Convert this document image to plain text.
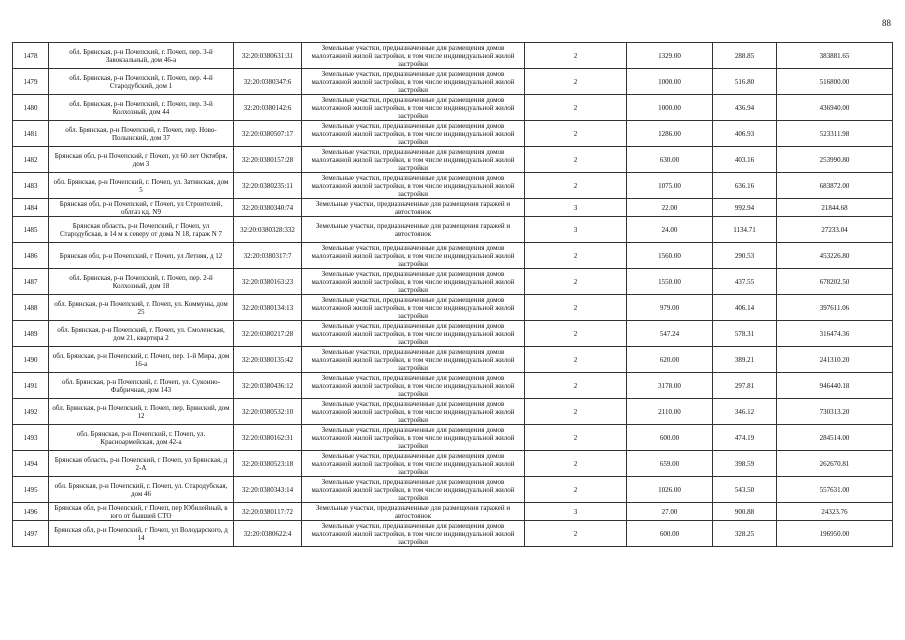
88
1478	обл. Брянская, р-н Почепский, г. Почеп, пер. 3-й Завокзальный, дом 46-а	32:20:0380631:31	Земельные участки, предназначенные для размещения домов малоэтажной жилой застройки, в том числе индивидуальной жилой застройки	2	1329.00	288.85	383881.65
1479	обл. Брянская, р-н Почепский, г. Почеп, пер. 4-й Стародубский, дом 1	32:20:0380347:6	Земельные участки, предназначенные для размещения домов малоэтажной жилой застройки, в том числе индивидуальной жилой застройки	2	1000.00	516.80	516800.00
1480	обл. Брянская, р-н Почепский, г. Почеп, пер. 3-й Колхозный, дом 44	32:20:0380142:6	Земельные участки, предназначенные для размещения домов малоэтажной жилой застройки, в том числе индивидуальной жилой застройки	2	1000.00	436.94	436940.00
1481	обл. Брянская, р-н Почепский, г. Почеп, пер. Ново-Полынский, дом 37	32:20:0380507:17	Земельные участки, предназначенные для размещения домов малоэтажной жилой застройки, в том числе индивидуальной жилой застройки	2	1286.00	406.93	523311.98
1482	Брянская обл, р-н Почепский, г Почеп, ул 60 лет Октября, дом 3	32:20:0380157:28	Земельные участки, предназначенные для размещения домов малоэтажной жилой застройки, в том числе индивидуальной жилой застройки	2	630.00	403.16	253990.80
1483	обл. Брянская, р-н Почепский, г. Почеп, ул. Затинская, дом 5	32:20:0380235:11	Земельные участки, предназначенные для размещения домов малоэтажной жилой застройки, в том числе индивидуальной жилой застройки	2	1075.00	636.16	683872.00
1484	Брянская обл, р-н Почепский, г Почеп, ул Строителей, облгаз кд. N9	32:20:0380340:74	Земельные участки, предназначенные для размещения гаражей и автостоянок	3	22.00	992.94	21844.68
1485	Брянская область, р-н Почепский, г Почеп, ул Стародубская, в 14 м к северу от дома N 18, гараж N 7	32:20:0380328:332	Земельные участки, предназначенные для размещения гаражей и автостоянок	3	24.00	1134.71	27233.04
1486	Брянская обл, р-н Почепский, г Почеп, ул Летняя, д 12	32:20:0380317:7	Земельные участки, предназначенные для размещения домов малоэтажной жилой застройки, в том числе индивидуальной жилой застройки	2	1560.00	290.53	453226.80
1487	обл. Брянская, р-н Почепский, г. Почеп, пер. 2-й Колхозный, дом 18	32:20:0380163:23	Земельные участки, предназначенные для размещения домов малоэтажной жилой застройки, в том числе индивидуальной жилой застройки	2	1550.00	437.55	678202.50
1488	обл. Брянская, р-н Почепский, г. Почеп, ул. Коммуны, дом 25	32:20:0380134:13	Земельные участки, предназначенные для размещения домов малоэтажной жилой застройки, в том числе индивидуальной жилой застройки	2	979.00	406.14	397611.06
1489	обл. Брянская, р-н Почепский, г. Почеп, ул. Смоленская, дом 21, квартира 2	32:20:0380217:28	Земельные участки, предназначенные для размещения домов малоэтажной жилой застройки, в том числе индивидуальной жилой застройки	2	547.24	578.31	316474.36
1490	обл. Брянская, р-н Почепский, г. Почеп, пер. 1-й Мира, дом 16-а	32:20:0380135:42	Земельные участки, предназначенные для размещения домов малоэтажной жилой застройки, в том числе индивидуальной жилой застройки	2	620.00	389.21	241310.20
1491	обл. Брянская, р-н Почепский, г. Почеп, ул. Суконно-Фабричная, дом 143	32:20:0380436:12	Земельные участки, предназначенные для размещения домов малоэтажной жилой застройки, в том числе индивидуальной жилой застройки	2	3178.00	297.81	946440.18
1492	обл. Брянская, р-н Почепский, г. Почеп, пер. Брянский, дом 12	32:20:0380532:10	Земельные участки, предназначенные для размещения домов малоэтажной жилой застройки, в том числе индивидуальной жилой застройки	2	2110.00	346.12	730313.20
1493	обл. Брянская, р-н Почепский, г. Почеп, ул. Красноармейская, дом 42-а	32:20:0380162:31	Земельные участки, предназначенные для размещения домов малоэтажной жилой застройки, в том числе индивидуальной жилой застройки	2	600.00	474.19	284514.00
1494	Брянская область, р-н Почепский, г Почеп, ул Брянская, д 2-А	32:20:0380523:18	Земельные участки, предназначенные для размещения домов малоэтажной жилой застройки, в том числе индивидуальной жилой застройки	2	659.00	398.59	262670.81
1495	обл. Брянская, р-н Почепский, г. Почеп, ул. Стародубская, дом 46	32:20:0380343:14	Земельные участки, предназначенные для размещения домов малоэтажной жилой застройки, в том числе индивидуальной жилой застройки	2	1026.00	543.50	557631.00
1496	Брянская обл, р-н Почепский, г Почеп, пер Юбилейный, в юго от бывшей СТО	32:20:0380117:72	Земельные участки, предназначенные для размещения гаражей и автостоянок	3	27.00	900.88	24323.76
1497	Брянская обл, р-н Почепский, г Почеп, ул Володарского, д 14	32:20:0380622:4	Земельные участки, предназначенные для размещения домов малоэтажной жилой застройки, в том числе индивидуальной жилой застройки	2	600.00	328.25	196950.00
